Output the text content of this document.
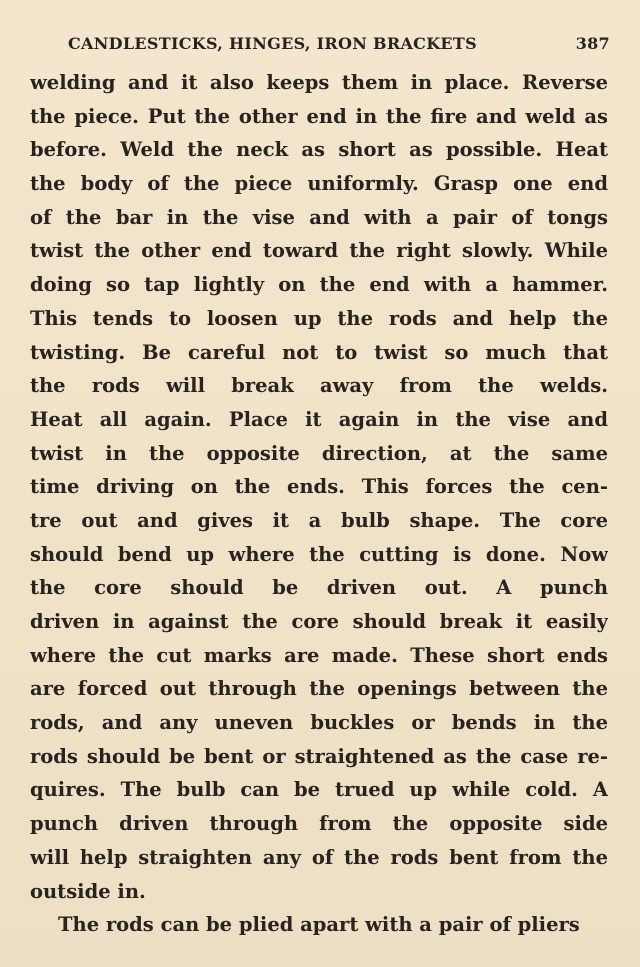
CANDLESTICKS, HINGES, IRON BRACKETS	387
welding and it also keeps them in place. Reverse
the piece. Put the other end in the fire and weld as
before. Weld the neck as short as possible. Heat
the body of the piece uniformly. Grasp one end
of the bar in the vise and with a pair of tongs
twist the other end toward the right slowly. While
doing so tap lightly on the end with a hammer.
This tends to loosen up the rods and help the
twisting. Be careful not to twist so much that
the rods will break away from the welds.
Heat all again. Place it again in the vise and
twist in the opposite direction, at the same
time driving on the ends. This forces the cen-
tre out and gives it a bulb shape. The core
should bend up where the cutting is done. Now
the core should be driven out. A punch
driven in against the core should break it easily
where the cut marks are made. These short ends
are forced out through the openings between the
rods, and any uneven buckles or bends in the
rods should be bent or straightened as the case re-
quires. The bulb can be trued up while cold. A
punch driven through from the opposite side
will help straighten any of the rods bent from the
outside in.
The rods can be plied apart with a pair of pliers
